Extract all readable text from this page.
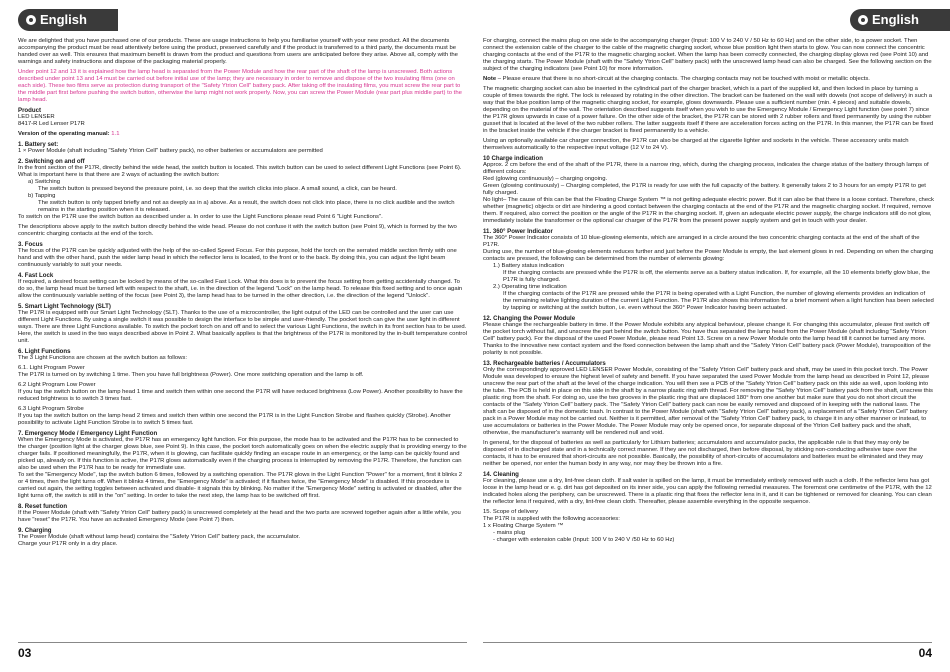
English

We are delighted that you have purchased one of our products. These are usage instructions to help you familiarise yourself with your new product. All the documents accompanying the product must be read attentively before using the product, preserved carefully and if the product is transferred to a third party, the documents must be handed over as well. This ensures that maximum benefit is drawn from the product and questions from users are anticipated before they arise. Above all, comply with the warnings and safety instructions and dispose of the packaging material properly.

Under point 12 and 13 it is explained how the lamp head is separated from the Power Module and how the rear part of the shaft of the lamp is unscrewed. Both actions described under point 13 and 14 must be carried out before initial use of the lamp; they are necessary in order to remove and dispose of the two insulating films (one on each side). These two films serve as protection during transport of the "Safety Ytrion Cell" battery pack. After taking off the insulating films, you must screw the rear part to the middle part first before pushing the switch button, otherwise the lamp might not work properly. Now, you can screw the Power Module (rear part plus middle part) to the lamp head.

Product
LED LENSER

8417-R Led Lenser P17R

Version of the operating manual: 1.1

1. Battery set:

1 × Power Module (shaft including "Safety Ytrion Cell" battery pack), no other batteries or accumulators are permitted

2. Switching on and off
In the front section of the P17R, directly behind the wide head, the switch button is located. This switch button can be used to select different Light Functions (see Point 6).
What is important here is that there are 2 ways of actuating the switch button:
a) Switching
The switch button is pressed beyond the pressure point, i.e. so deep that the switch clicks into place. A small sound, a click, can be heard.
b) Tapping
The switch button is only tapped briefly and not as deeply as in a) above. As a result, the switch does not click into place, there is no click audible and the switch remains in the starting position when it is released.

To switch on the P17R use the switch button as described under a. In order to use the Light Functions please read Point 6 "Light Functions".

The descriptions above apply to the switch button directly behind the wide head. Please do not confuse it with the switch button (see Point 9), which is formed by the two concentric charging contacts at the end of the torch.

3. Focus

The focus of the P17R can be quickly adjusted with the help of the so-called Speed Focus. For this purpose, hold the torch on the serrated middle section firmly with one hand and with the other hand, push the wider lamp head in which the reflector lens is located, to the front or to the back. By doing this, you can adjust the light beam continuously variably to suit your needs.

4. Fast Lock

If required, a desired focus setting can be locked by means of the so-called Fast Lock. What this does is to prevent the focus setting from getting accidentally changed. To do so, the lamp head must be turned left with respect to the shaft, i.e. in the direction of the legend "Lock" on the lamp head. To release this fixed setting and to once again allow the continuously variable setting of the focus (see Point 3), the lamp head has to be turned in the other direction, i.e. the direction of the legend "Unlock".

5. Smart Light Technology (SLT)

The P17R is equipped with our Smart Light Technology (SLT). Thanks to the use of a microcontroller, the light output of the LED can be controlled and the user can use different Light Functions. By using a single switch it was possible to design the interface to be simple and user-friendly. The pocket torch can give the user light in different ways. There are three Light Functions available. To switch the pocket torch on and off and to select the various Light Functions, the switch in its front section has to be used. Here, the switch is used in the two ways described above in Point 2. What basically applies is that the brightness of the P17R is monitored by the in-built temperature control unit.

6. Light Functions

The 3 Light Functions are chosen at the switch button as follows:

6.1. Light Program Power

The P17R is turned on by switching 1 time. Then you have full brightness (Power). One more switching operation and the lamp is off.

6.2 Light Program Low Power

If you tap the switch button on the lamp head 1 time and switch then within one second the P17R will have reduced brightness (Low Power). Another possibility to have the reduced brightness is to switch 3 times fast.

6.3 Light Program Strobe

If you tap the switch button on the lamp head 2 times and switch then within one second the P17R is in the Light Function Strobe and flashes quickly (Strobe). Another possibility to activate Light Function Strobe is to switch 5 times fast.

7. Emergency Mode / Emergency Light Function
When the Emergency Mode is activated, the P17R has an emergency light function. For this purpose, the mode has to be activated and the P17R has to be connected to the charger (position light at the charger glows blue, see Point 9). In this case, the pocket torch automatically goes on when the electric supply that is providing energy to the charger fails. If positioned meaningfully, the P17R, when it is glowing, can facilitate quickly finding an escape route in an emergency, or the lamp can be quickly found and picked up, already on. If this function is active, the P17R glows automatically even if the charging process is interrupted by removing the P17R. Therefore, the function can also be used when the P17R has to be ready for immediate use.

To set the "Emergency Mode", tap the switch button 6 times, followed by a switching operation. The P17R glows in the Light Function "Power" for a moment, first it blinks 2 or 4 times, then the light turns off. When it blinks 4 times, the "Emergency Mode" is activated; if it flashes twice, the "Emergency Mode" is disabled. If this procedure is carried out again, the setting toggles between activated and disable- it signals this by blinking. No matter if the "Emergency Mode" setting is activated or disabled, after the light turns off, the switch is still in the "on" setting. In order to take the next step, the lamp has to be switched off first.

8. Reset function

If the Power Module (shaft with "Safety Ytrion Cell" battery pack) is unscrewed completely at the head and the two parts are screwed together again after a little while, you have "reset" the P17R. You have an activated Emergency Mode (see Point 7) then.

9. Charging
The Power Module (shaft without lamp head) contains the "Safety Ytrion Cell" battery pack, the accumulator.
Charge your P17R only in a dry place.
03
English

For charging, connect the mains plug on one side to the accompanying charger (Input: 100 V to 240 V / 50 Hz to 60 Hz) and on the other side, to a power socket. Then connect the extension cable of the charger to the cable of the magnetic charging socket, whose blue position light then starts to glow. You can now connect the concentric charging contacts at the end of the P17R to the magnetic charging socket. When the lamp has been correctly connected, the charging display glows red (see Point 10) and the charging starts. The Power Module (shaft with the "Safety Ytrion Cell" battery pack) with the unscrewed lamp head can also be charged. See the following section on the subject of the charging indicators (see Point 10) for more information.

Note – Please ensure that there is no short-circuit at the charging contacts. The charging contacts may not be touched with moist or metallic objects.

The magnetic charging socket can also be inserted in the cylindrical part of the charger bracket, which is a part of the supplied kit, and then locked in place by turning a couple of times towards the right. The lock is released by rotating in the other direction. The bracket can be fastened on the wall with dowels (not scope of delivery) in such a way that the blue position lamp of the magnetic charging socket, for example, glows downwards. Please use a sufficient number (min. 4 pieces) and suitable dowels, depending on the material of the wall. The orientation described suggests itself when you wish to use the Emergency Module / Emergency Light function (see point 7) since the P17R glows upwards in case of a power failure. On the other side of the bracket, the P17R can be stored with 2 rubber rollers and fixed permanently by using the rubber gusset that is located at the level of the two rubber rollers. The latter suggests itself if there are acceleration forces acting on the P17R. In this manner, the P17R can be fixed in the bracket inside the vehicle if the charger bracket is fixed permanently to a vehicle.

Using an optionally available car charger connection, the P17R can also be charged at the cigarette lighter and sockets in the vehicle. These accessory units match themselves automatically to the respective input voltage (12 V to 24 V).

10 Charge indication
Approx. 2 cm before the end of the shaft of the P17R, there is a narrow ring, which, during the charging process, indicates the charge status of the battery through lamps of different colours:
Red (glowing continuously) – charging ongoing.
Green (glowing continuously) – Charging completed, the P17R is ready for use with the full capacity of the battery. It generally takes 2 to 3 hours for an empty P17R to get fully charged.

No light– The cause of this can be that the Floating Charge System ™ is not getting adequate electric power. But it can also be that there is a loose contact. Therefore, check whether (magnetic) objects or dirt are hindering a good contact between the charging contacts at the end of the P17R and the magnetic charging socket. If required, remove them. If required, also correct the position or the angle of the P17R in the charging socket. If, given an adequate electric power supply, the charge indicators still do not glow, immediately isolate the transformer or the optional car charger of the P17R from the present power supply system and get in touch with your dealer.

11. 360° Power Indicator
The 360° Power Indicator consists of 10 blue-glowing elements, which are arranged in a circle around the two concentric charging contacts at the end of the shaft of the P17R.
During use, the number of blue-glowing elements reduces further and just before the Power Module is empty, the last element glows in red. Depending on when the charging contacts are pressed, the following can be determined from the number of elements glowing:
1.) Battery status indication
If the charging contacts are pressed while the P17R is off, the elements serve as a battery status indication. If, for example, all the 10 elements briefly glow blue, the P17R is fully charged.
2.) Operating time indication

If the charging contacts of the P17R are pressed while the P17R is being operated with a Light Function, the number of glowing elements provides an indication of the remaining relative lighting duration of the current Light Function. The P17R also shows this information for a brief moment when a light function has been selected by tapping or switching at the switch button, i.e. even without the 360° Power Indicator having been actuated.

12. Changing the Power Module

Please change the rechargeable battery in time. If the Power Module exhibits any atypical behaviour, please change it. For changing this accumulator, please first switch off the pocket torch without fail, and unscrew the part behind the switch button. You have thus separated the lamp head from the Power Module (shaft including "Safety Ytrion Cell" battery pack). For the disposal of the used Power Module, please read Point 13. Screw on a new Power Module onto the lamp head till it cannot be turned any more. Thanks to the innovative new contact system and the fixed connection between the lamp shaft and the "Safety Ytrion Cell" battery pack (Power Module), transposition of the polarity is not possible.

13. Rechargeable batteries / Accumulators

Only the correspondingly approved LED LENSER Power Module, consisting of the "Safety Ytrion Cell" battery pack and shaft, may be used in this pocket torch. The Power Module was developed to ensure the highest level of safety and benefit. If you have separated the used Power Module from the lamp head as described in Point 12, please unscrew the rear part of the shaft at the level of the charge indication. You will then see a PCB of the "Safety Ytrion Cell" battery pack on this side as well, upon looking into the tube. The PCB is held in place on this side in the shaft by a narrow plastic ring with thread. For removing the "Safety Ytrion Cell" battery pack from the shaft, unscrew this plastic ring from the shaft. For doing so, use the two grooves in the plastic ring that are displaced 180° from one another but make sure that you do not short circuit the contacts of the "Safety Ytrion Cell" battery pack. The "Safety Ytrion Cell" battery pack can now be easily removed and disposed of in keeping with the national laws. The shaft can be disposed of in the domestic trash. In contrast to the Power Module (shaft with "Safety Ytrion Cell" battery pack), a replacement of a "Safety Ytrion Cell" battery pack in a Power Module may not be carried out. Neither is it permitted, after removal of the "Safety Ytrion Cell" battery pack, to charge it in any other manner or instead, to use accumulators or batteries in the Power Module. The Power Module may only be opened once, for separate disposal of the Ytrion Cell battery pack and the shaft, otherwise, the manufacturer's warranty will be rendered null and void.

In general, for the disposal of batteries as well as particularly for Lithium batteries; accumulators and accumulator packs, the applicable rule is that they may only be disposed of in discharged state and in a technically correct manner. If they are not discharged, then before disposal, by sticking non-conducting adhesive tape over the contacts, it has to be ensured that short-circuits are not possible. Basically, the possibility of short-circuits of accumulators and batteries must be eliminated and they may neither be opened, nor enter the human body in any way, nor may they be thrown into a fire.

14. Cleaning

For cleaning, please use a dry, lint-free clean cloth. If salt water is spilled on the lamp, it must be immediately entirely removed with such a cloth. If the reflector lens has got loose in the lamp head or e. g. dirt has got deposited on its inner side, you can apply the following remedial measures. The foremost one centimetre of the P17R, with the 12 indicated holes along the periphery, can be unscrewed. There is a plastic ring that fixes the reflector lens in it, and it can be tightened or removed for cleaning. You can clean the reflector lens if required, with a dry, lint-free clean cloth. Thereafter, please assemble everything in the opposite sequence.

15. Scope of delivery
The P17R is supplied with the following accessories:
1 x Floating Charge System ™
- mains plug
- charger with extension cable (Input: 100 V to 240 V /50 Hz to 60 Hz)
04
